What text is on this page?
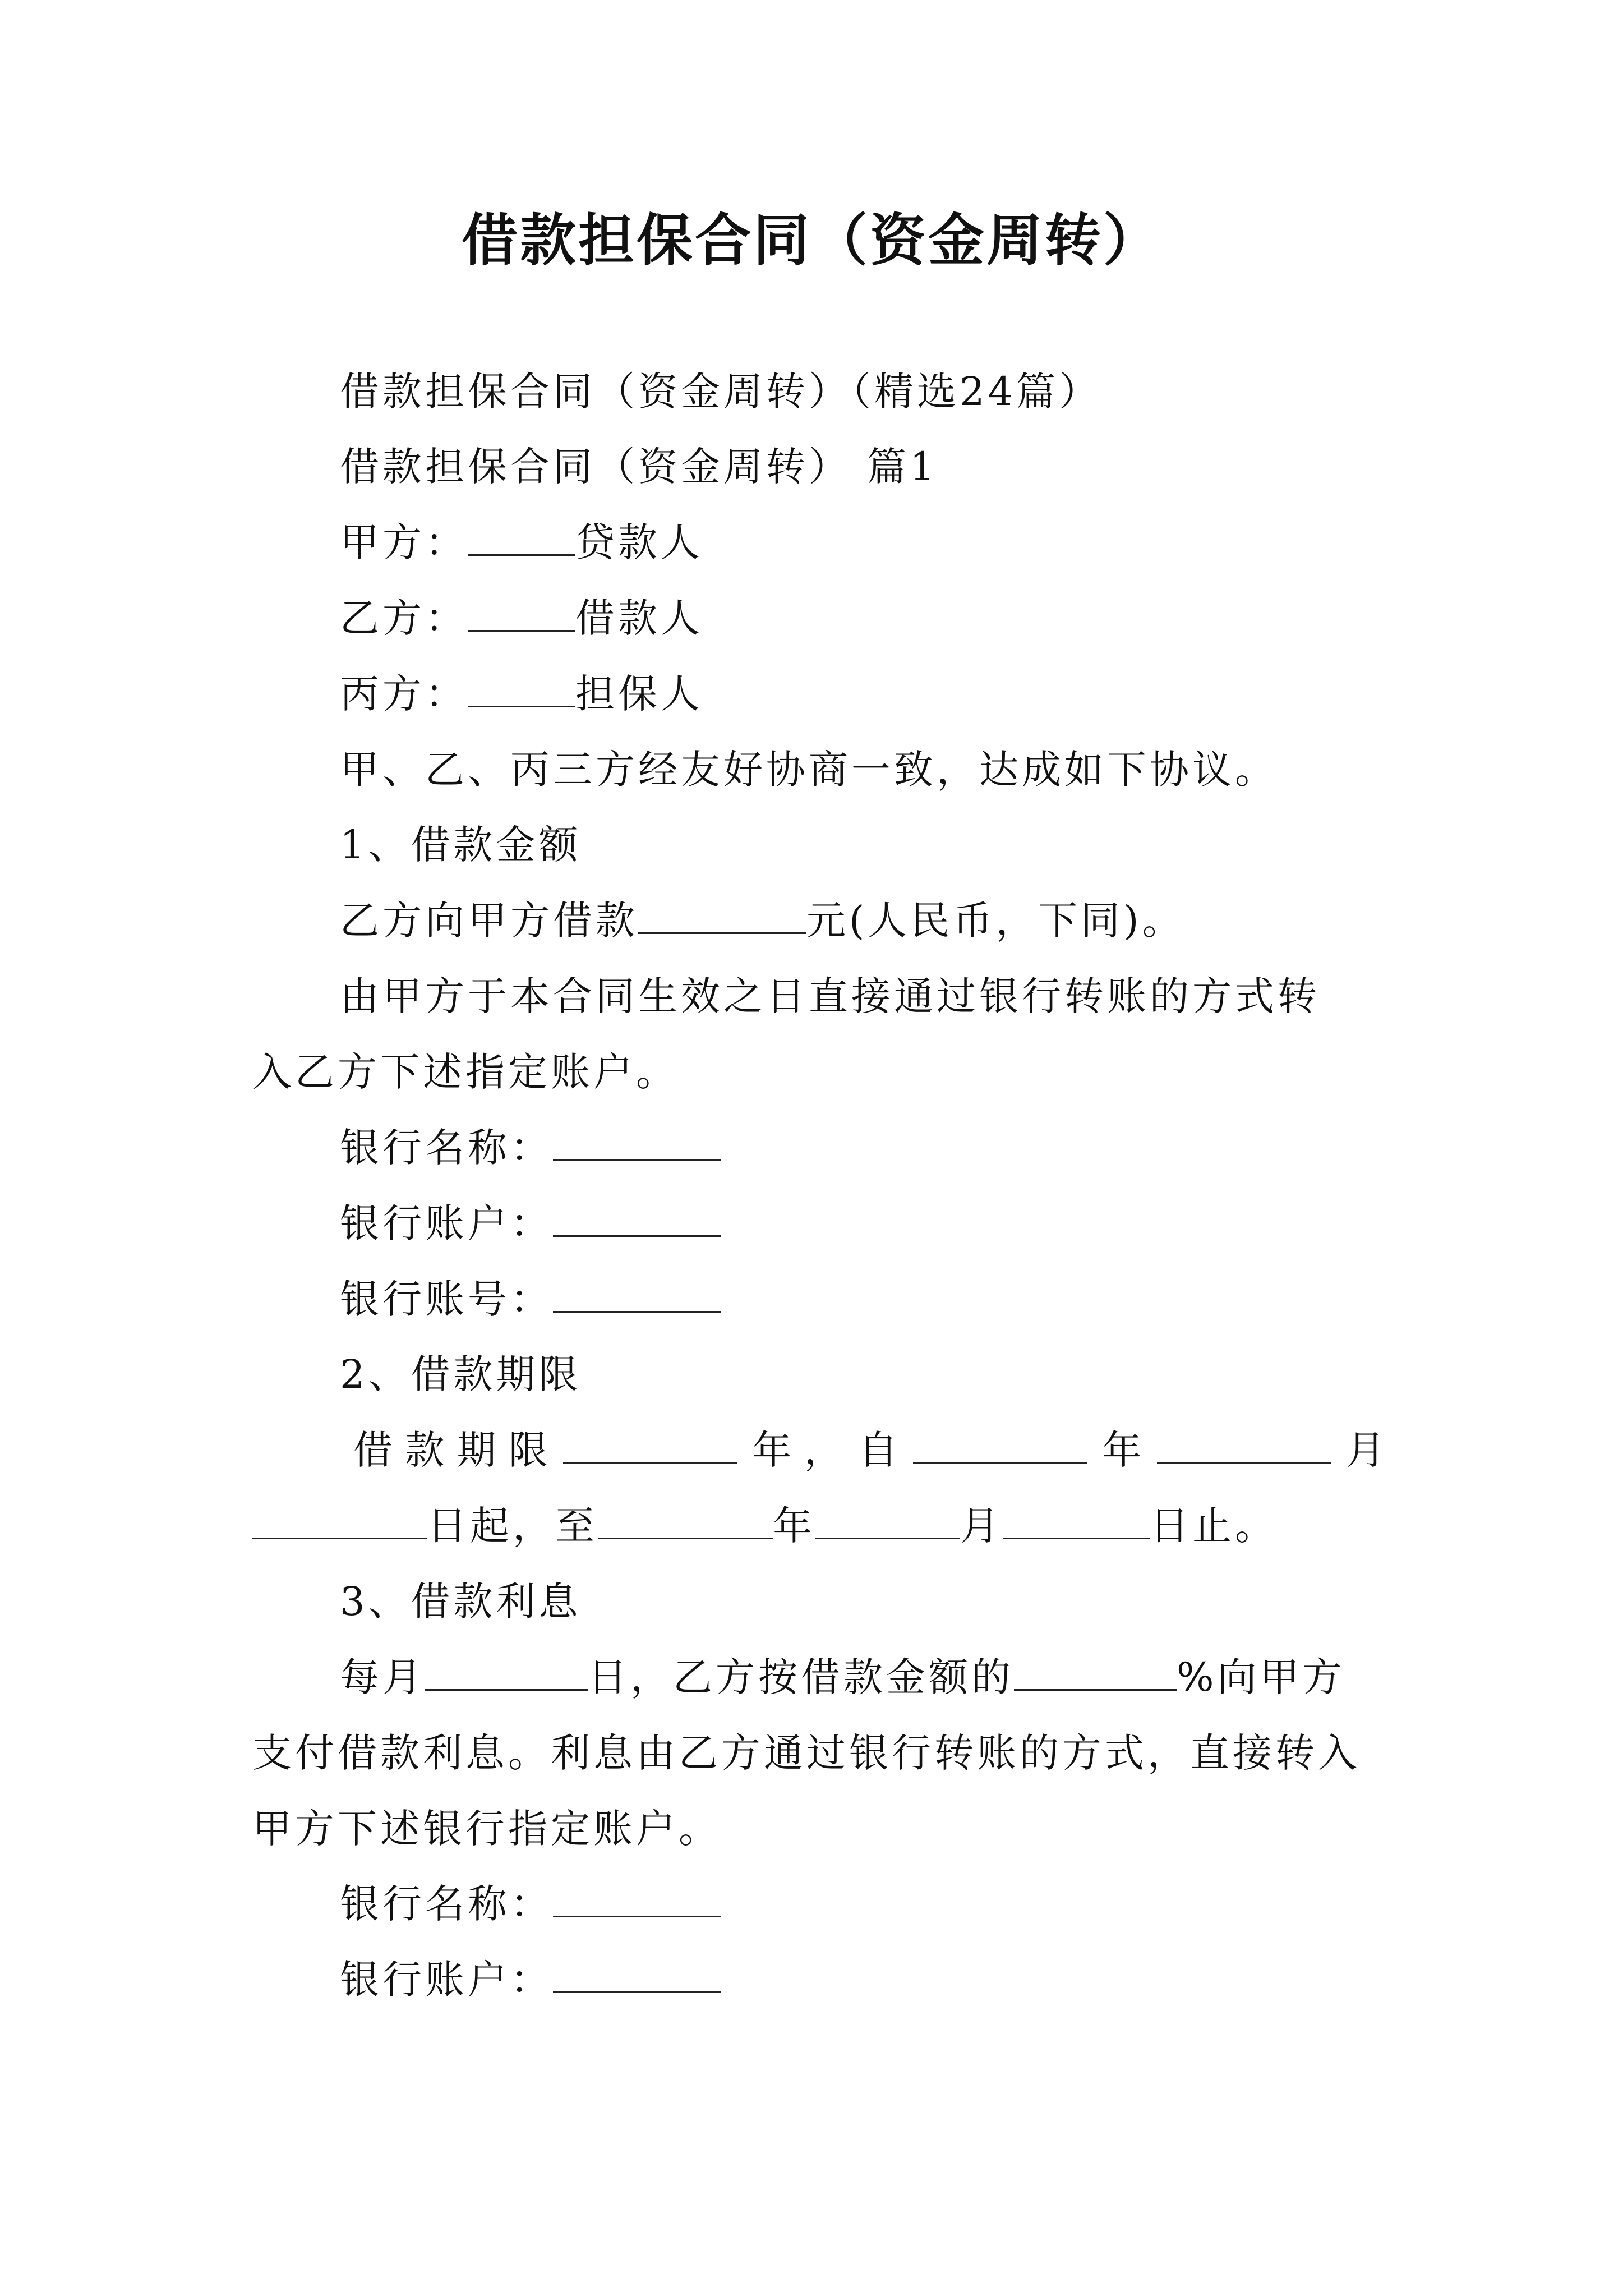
借款担保合同（资金周转）
借款担保合同（资金周转）（精选24篇）
借款担保合同（资金周转） 篇1
甲方：	贷款人
乙方：	借款人
丙方：	担保人
甲、乙、丙三方经友好协商一致，达成如下协议。
1、借款金额
乙方向甲方借款	元(人民币，下同)。
由甲方于本合同生效之日直接通过银行转账的方式转
入乙方下述指定账户。
银行名称：
银行账户：
银行账号：
2、借款期限
借 款 期 限	年 ， 自	年	月
日起，至	年	月	日止。
3、借款利息
每月	日，乙方按借款金额的	%向甲方
支付借款利息。利息由乙方通过银行转账的方式，直接转入
甲方下述银行指定账户。
银行名称：
银行账户：
